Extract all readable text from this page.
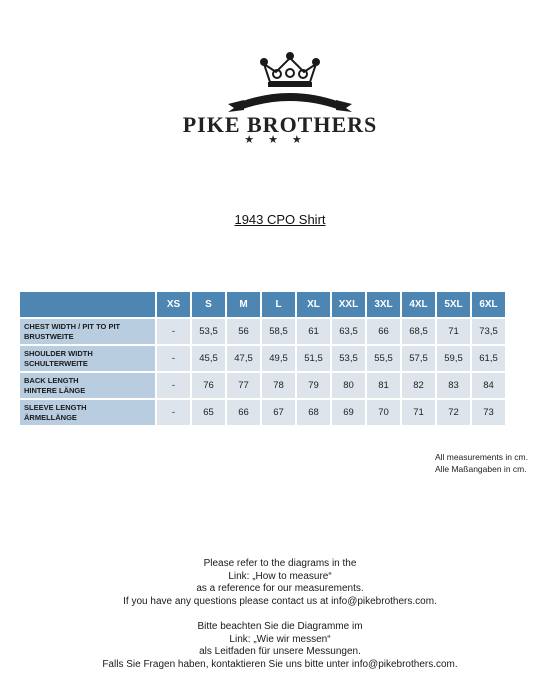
PIKE BROTHERS
★★★
1943 CPO Shirt
	XS	S	M	L	XL	XXL	3XL	4XL	5XL	6XL
CHEST WIDTH / PIT TO PIT
BRUSTWEITE	-	53,5	56	58,5	61	63,5	66	68,5	71	73,5
SHOULDER WIDTH
SCHULTERWEITE	-	45,5	47,5	49,5	51,5	53,5	55,5	57,5	59,5	61,5
BACK LENGTH
HINTERE LÄNGE	-	76	77	78	79	80	81	82	83	84
SLEEVE LENGTH
ÄRMELLÄNGE	-	65	66	67	68	69	70	71	72	73
All measurements in cm.
Alle Maßangaben in cm.
Please refer to the diagrams in the
Link: „How to measure“
as a reference for our measurements.
If you have any questions please contact us at info@pikebrothers.com.
Bitte beachten Sie die Diagramme im
Link: „Wie wir messen“
als Leitfaden für unsere Messungen.
Falls Sie Fragen haben, kontaktieren Sie uns bitte unter info@pikebrothers.com.
